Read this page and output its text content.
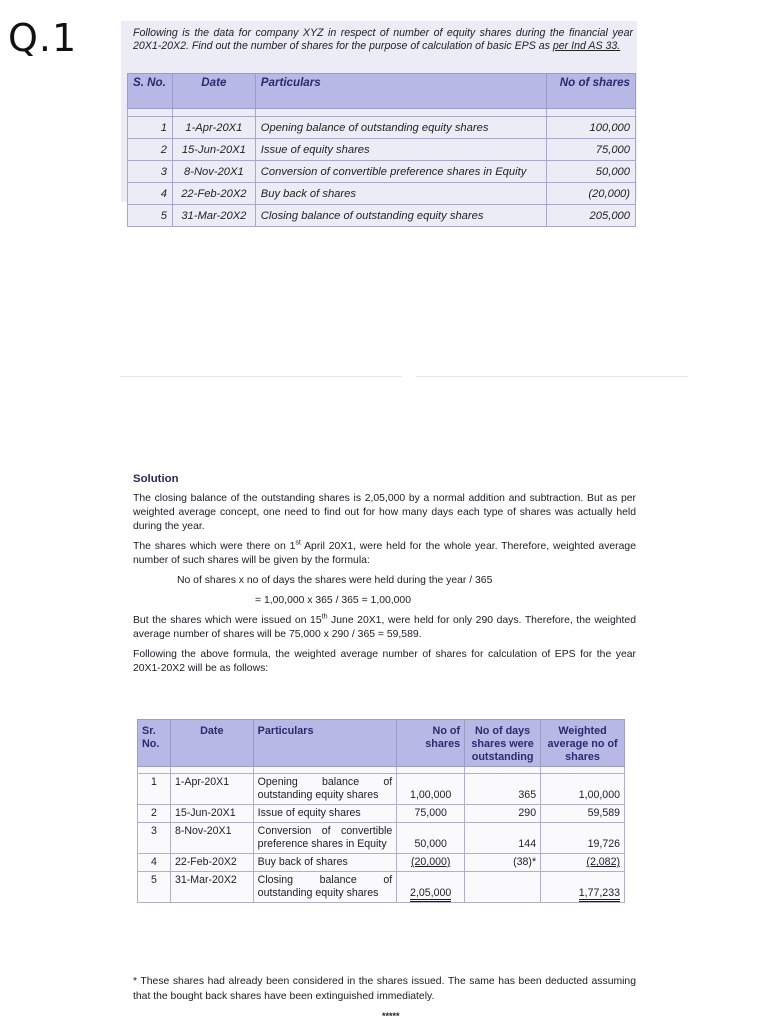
Q.1	Following is the data for company XYZ in respect of number of equity shares during the financial year 20X1-20X2. Find out the number of shares for the purpose of calculation of basic EPS as per Ind AS 33.
S. No.	Date	Particulars	No of shares

1	1-Apr-20X1	Opening balance of outstanding equity shares	100,000
2	15-Jun-20X1	Issue of equity shares	75,000
3	8-Nov-20X1	Conversion of convertible preference shares in Equity	50,000
4	22-Feb-20X2	Buy back of shares	(20,000)
5	31-Mar-20X2	Closing balance of outstanding equity shares	205,000
Solution

The closing balance of the outstanding shares is 2,05,000 by a normal addition and subtraction. But as per weighted average concept, one need to find out for how many days each type of shares was actually held during the year.

The shares which were there on 1st April 20X1, were held for the whole year. Therefore, weighted average number of such shares will be given by the formula:

No of shares x no of days the shares were held during the year / 365

= 1,00,000 x 365 / 365 = 1,00,000

But the shares which were issued on 15th June 20X1, were held for only 290 days. Therefore, the weighted average number of shares will be 75,000 x 290 / 365 = 59,589.

Following the above formula, the weighted average number of shares for calculation of EPS for the year 20X1-20X2 will be as follows:

Sr. No.	Date	Particulars	No of shares	No of days shares were outstanding	Weighted average no of shares

1	1-Apr-20X1	Opening balance of outstanding equity shares	1,00,000	365	1,00,000
2	15-Jun-20X1	Issue of equity shares	75,000	290	59,589
3	8-Nov-20X1	Conversion of convertible preference shares in Equity	50,000	144	19,726
4	22-Feb-20X2	Buy back of shares	(20,000)	(38)*	(2,082)
5	31-Mar-20X2	Closing balance of outstanding equity shares	2,05,000		1,77,233
* These shares had already been considered in the shares issued. The same has been deducted assuming that the bought back shares have been extinguished immediately.
*****
